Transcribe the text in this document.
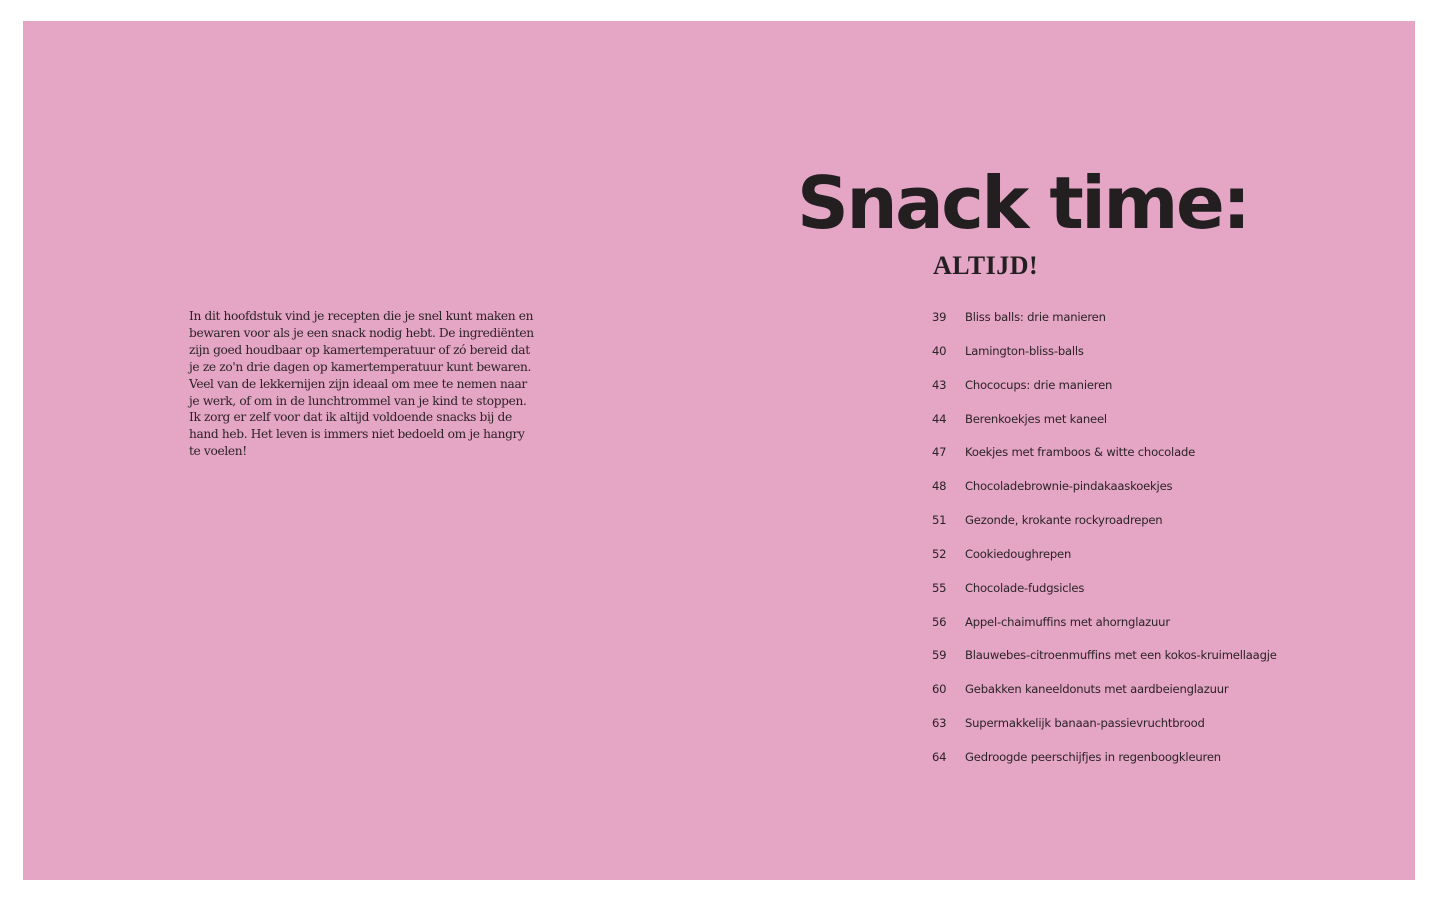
In dit hoofdstuk vind je recepten die je snel kunt maken en bewaren voor als je een snack nodig hebt. De ingrediënten zijn goed houdbaar op kamertemperatuur of zó bereid dat je ze zo'n drie dagen op kamertemperatuur kunt bewaren. Veel van de lekkernijen zijn ideaal om mee te nemen naar je werk, of om in de lunchtrommel van je kind te stoppen. Ik zorg er zelf voor dat ik altijd voldoende snacks bij de hand heb. Het leven is immers niet bedoeld om je hangry te voelen!

Snack time:
ALTIJD!
39 Bliss balls: drie manieren
40 Lamington-bliss-balls
43 Chococups: drie manieren
44 Berenkoekjes met kaneel
47 Koekjes met framboos & witte chocolade
48 Chocoladebrownie-pindakaaskoekjes
51 Gezonde, krokante rockyroadrepen
52 Cookiedoughrepen
55 Chocolade-fudgsicles
56 Appel-chaimuffins met ahornglazuur
59 Blauwebes-citroenmuffins met een kokos-kruimellaagje
60 Gebakken kaneeldonuts met aardbeienglazuur
63 Supermakkelijk banaan-passievruchtbrood
64 Gedroogde peerschijfjes in regenboogkleuren
